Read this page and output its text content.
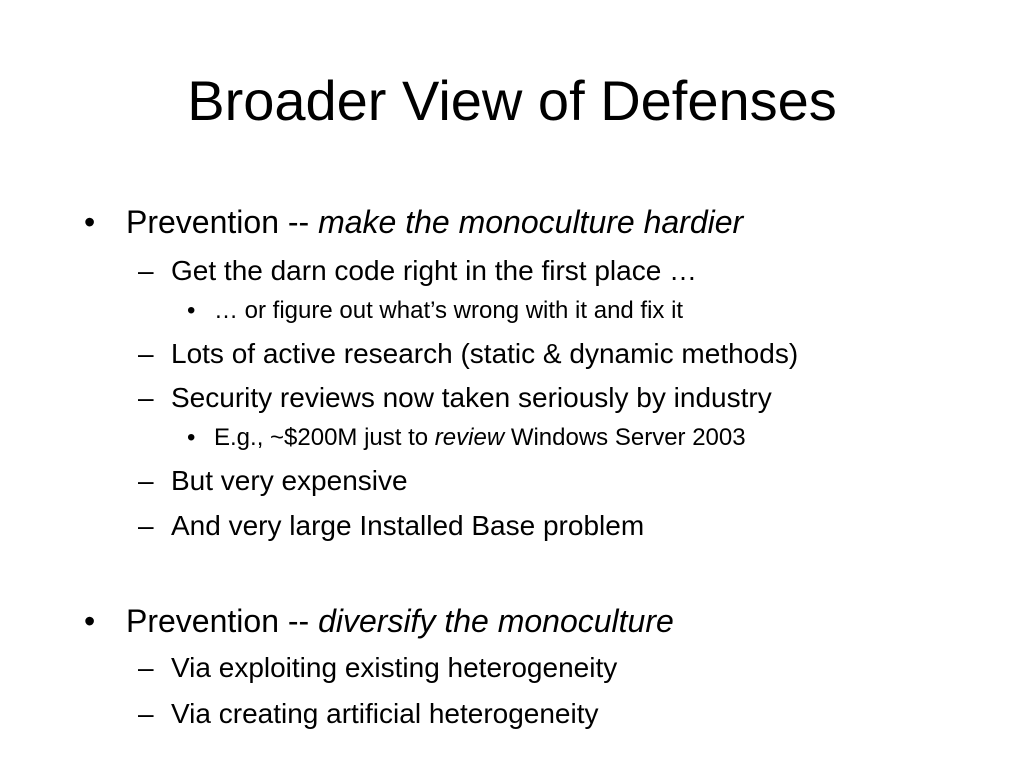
Broader View of Defenses
• Prevention -- make the monoculture hardier
– Get the darn code right in the first place …
• … or figure out what’s wrong with it and fix it
– Lots of active research (static & dynamic methods)
– Security reviews now taken seriously by industry
• E.g., ~$200M just to review Windows Server 2003
– But very expensive
– And very large Installed Base problem
• Prevention -- diversify the monoculture
– Via exploiting existing heterogeneity
– Via creating artificial heterogeneity
